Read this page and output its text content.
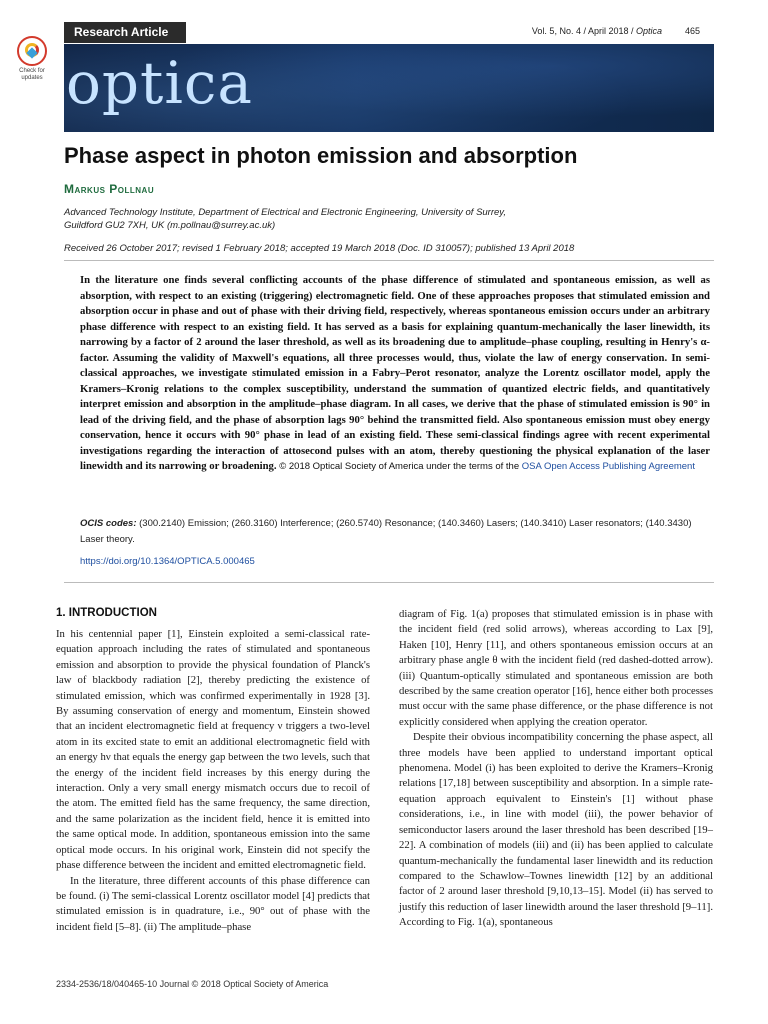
Research Article	Vol. 5, No. 4 / April 2018 / Optica	465
optica
Check for updates
Phase aspect in photon emission and absorption
Markus Pollnau
Advanced Technology Institute, Department of Electrical and Electronic Engineering, University of Surrey,
Guildford GU2 7XH, UK (m.pollnau@surrey.ac.uk)
Received 26 October 2017; revised 1 February 2018; accepted 19 March 2018 (Doc. ID 310057); published 13 April 2018
In the literature one finds several conflicting accounts of the phase difference of stimulated and spontaneous emission, as well as absorption, with respect to an existing (triggering) electromagnetic field. One of these approaches proposes that stimulated emission and absorption occur in phase and out of phase with their driving field, respectively, whereas spontaneous emission occurs under an arbitrary phase difference with respect to an existing field. It has served as a basis for explaining quantum-mechanically the laser linewidth, its narrowing by a factor of 2 around the laser threshold, as well as its broadening due to amplitude–phase coupling, resulting in Henry's α-factor. Assuming the validity of Maxwell's equations, all three processes would, thus, violate the law of energy conservation. In semi-classical approaches, we investigate stimulated emission in a Fabry–Perot resonator, analyze the Lorentz oscillator model, apply the Kramers–Kronig relations to the complex susceptibility, understand the summation of quantized electric fields, and quantitatively interpret emission and absorption in the amplitude–phase diagram. In all cases, we derive that the phase of stimulated emission is 90° in lead of the driving field, and the phase of absorption lags 90° behind the transmitted field. Also spontaneous emission must obey energy conservation, hence it occurs with 90° phase in lead of an existing field. These semi-classical findings agree with recent experimental investigations regarding the interaction of attosecond pulses with an atom, thereby questioning the physical explanation of the laser linewidth and its narrowing or broadening. © 2018 Optical Society of America under the terms of the OSA Open Access Publishing Agreement
OCIS codes: (300.2140) Emission; (260.3160) Interference; (260.5740) Resonance; (140.3460) Lasers; (140.3410) Laser resonators; (140.3430) Laser theory.
https://doi.org/10.1364/OPTICA.5.000465
1. INTRODUCTION

In his centennial paper [1], Einstein exploited a semi-classical rate-equation approach including the rates of stimulated and spontaneous emission and absorption to provide the physical foundation of Planck's law of blackbody radiation [2], thereby predicting the existence of stimulated emission, which was confirmed experimentally in 1928 [3]. By assuming conservation of energy and momentum, Einstein showed that an incident electromagnetic field at frequency ν triggers a two-level atom in its excited state to emit an additional electromagnetic field with an energy hν that equals the energy gap between the two levels, such that the energy of the incident field increases by this energy during the interaction. Only a very small energy mismatch occurs due to recoil of the atom. The emitted field has the same frequency, the same direction, and the same polarization as the incident field, hence it is emitted into the same optical mode. In addition, spontaneous emission into the same optical mode occurs. In his original work, Einstein did not specify the phase difference between the incident and emitted electromagnetic field.

In the literature, three different accounts of this phase difference can be found. (i) The semi-classical Lorentz oscillator model [4] predicts that stimulated emission is in quadrature, i.e., 90° out of phase with the incident field [5–8]. (ii) The amplitude–phase

diagram of Fig. 1(a) proposes that stimulated emission is in phase with the incident field (red solid arrows), whereas according to Lax [9], Haken [10], Henry [11], and others spontaneous emission occurs at an arbitrary phase angle θ with the incident field (red dashed-dotted arrow). (iii) Quantum-optically stimulated and spontaneous emission are both described by the same creation operator [16], hence either both processes must occur with the same phase difference, or the phase difference is not explicitly considered when applying the creation operator.

Despite their obvious incompatibility concerning the phase aspect, all three models have been applied to understand important optical phenomena. Model (i) has been exploited to derive the Kramers–Kronig relations [17,18] between susceptibility and absorption. In a simple rate-equation approach equivalent to Einstein's [1] without phase considerations, i.e., in line with model (iii), the power behavior of semiconductor lasers around the laser threshold has been described [19–22]. A combination of models (iii) and (ii) has been applied to calculate quantum-mechanically the fundamental laser linewidth and its reduction compared to the Schawlow–Townes linewidth [12] by an additional factor of 2 around laser threshold [9,10,13–15]. Model (ii) has served to justify this reduction of laser linewidth around the laser threshold [9–11]. According to Fig. 1(a), spontaneous

2334-2536/18/040465-10 Journal © 2018 Optical Society of America
